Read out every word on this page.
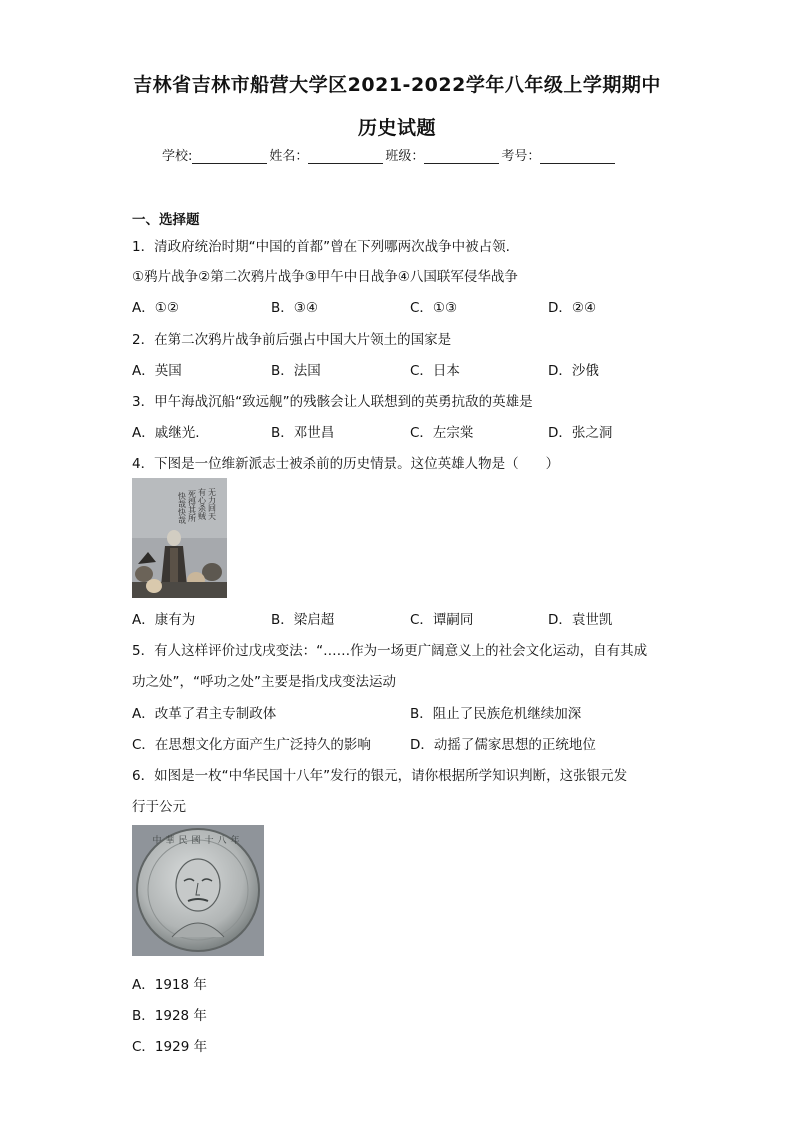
吉林省吉林市船营大学区2021-2022学年八年级上学期期中
历史试题
学校:	姓名：	班级：	考号：
一、选择题
1．清政府统治时期“中国的首都”曾在下列哪两次战争中被占领.
①鸦片战争②第二次鸦片战争③甲午中日战争④八国联军侵华战争
A．①②	B．③④	C．①③	D．②④
2．在第二次鸦片战争前后强占中国大片领土的国家是
A．英国	B．法国	C．日本	D．沙俄
3．甲午海战沉船“致远舰”的残骸会让人联想到的英勇抗敌的英雄是
A．戚继光.	B．邓世昌	C．左宗棠	D．张之洞
4．下图是一位维新派志士被杀前的历史情景。这位英雄人物是（　　）
有心杀贼 无力回天
死得其所
快哉快哉
A．康有为	B．梁启超	C．谭嗣同	D．袁世凯
5．有人这样评价过戊戌变法：“……作为一场更广阔意义上的社会文化运动，自有其成
功之处”，“呼功之处”主要是指戊戌变法运动
A．改革了君主专制政体	B．阻止了民族危机继续加深
C．在思想文化方面产生广泛持久的影响	D．动摇了儒家思想的正统地位
6．如图是一枚“中华民国十八年”发行的银元，请你根据所学知识判断，这张银元发
行于公元
中華民國十八年
A．1918 年
B．1928 年
C．1929 年
